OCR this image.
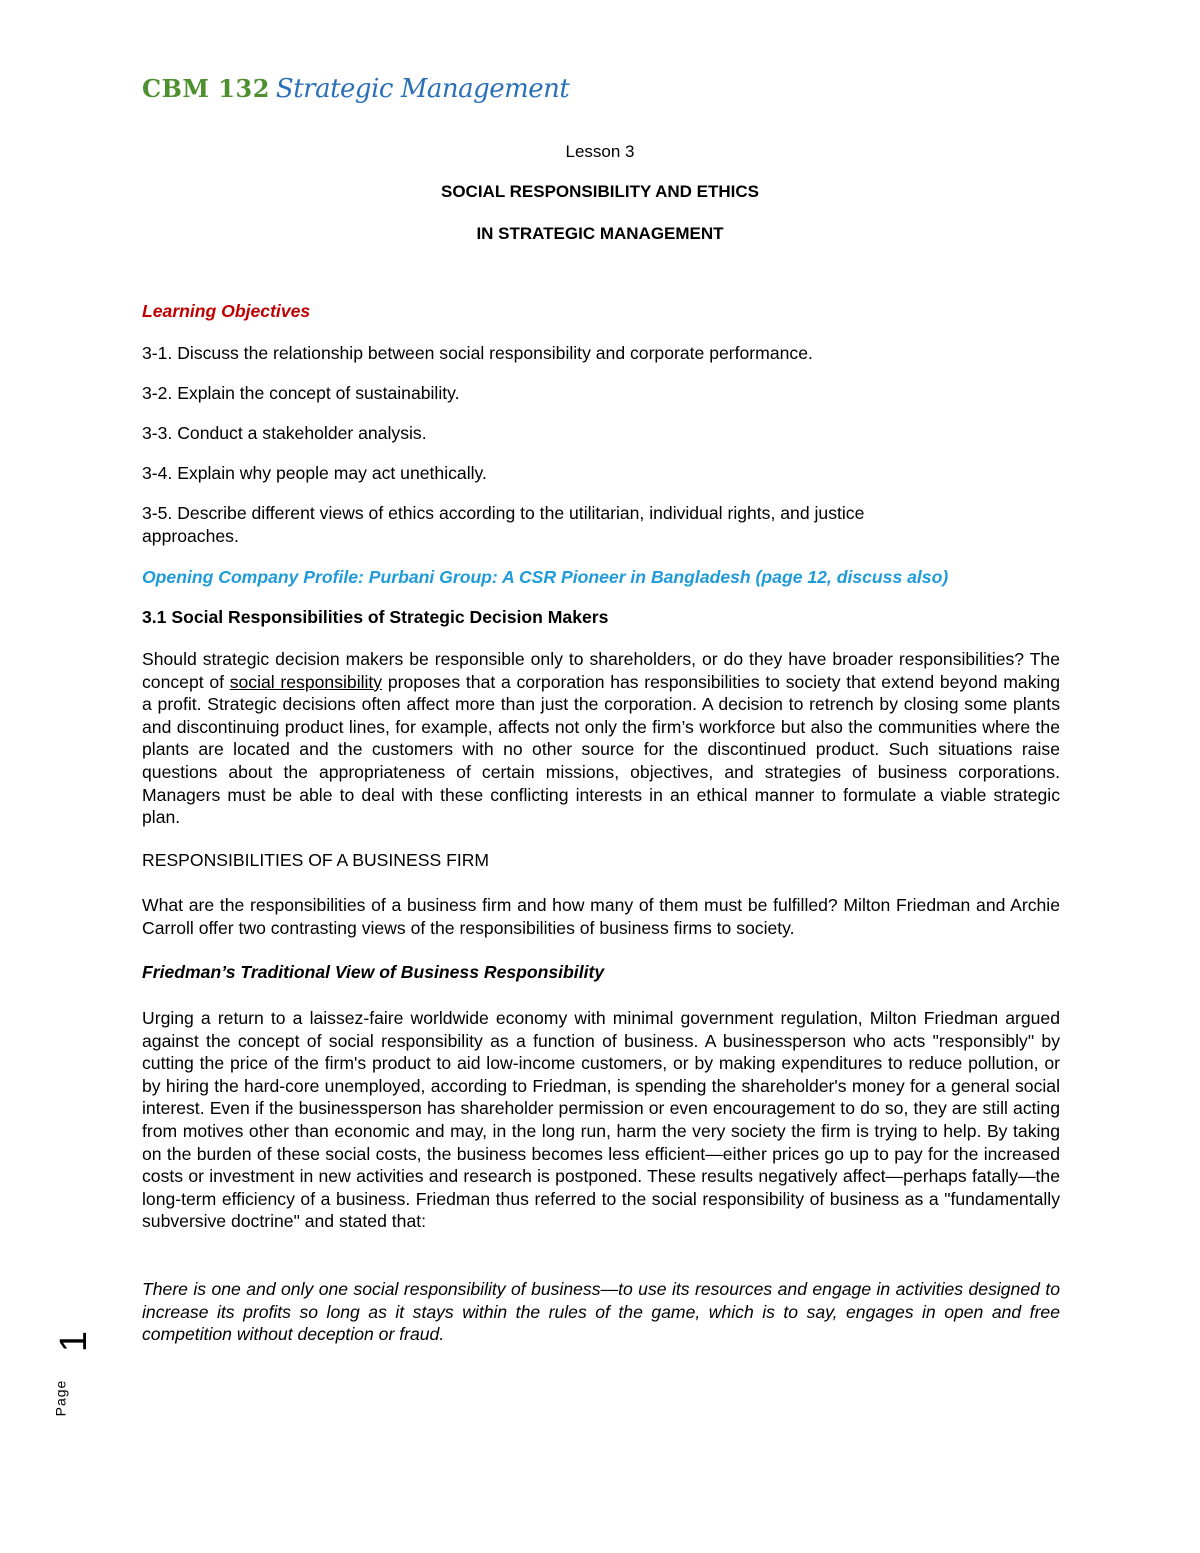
CBM 132 Strategic Management
Lesson 3
SOCIAL RESPONSIBILITY AND ETHICS
IN STRATEGIC MANAGEMENT
Learning Objectives
3-1. Discuss the relationship between social responsibility and corporate performance.
3-2. Explain the concept of sustainability.
3-3. Conduct a stakeholder analysis.
3-4. Explain why people may act unethically.
3-5. Describe different views of ethics according to the utilitarian, individual rights, and justice approaches.
Opening Company Profile: Purbani Group: A CSR Pioneer in Bangladesh (page 12, discuss also)
3.1 Social Responsibilities of Strategic Decision Makers
Should strategic decision makers be responsible only to shareholders, or do they have broader responsibilities? The concept of social responsibility proposes that a corporation has responsibilities to society that extend beyond making a profit. Strategic decisions often affect more than just the corporation. A decision to retrench by closing some plants and discontinuing product lines, for example, affects not only the firm’s workforce but also the communities where the plants are located and the customers with no other source for the discontinued product. Such situations raise questions about the appropriateness of certain missions, objectives, and strategies of business corporations. Managers must be able to deal with these conflicting interests in an ethical manner to formulate a viable strategic plan.
RESPONSIBILITIES OF A BUSINESS FIRM
What are the responsibilities of a business firm and how many of them must be fulfilled? Milton Friedman and Archie Carroll offer two contrasting views of the responsibilities of business firms to society.
Friedman’s Traditional View of Business Responsibility
Urging a return to a laissez-faire worldwide economy with minimal government regulation, Milton Friedman argued against the concept of social responsibility as a function of business. A businessperson who acts "responsibly" by cutting the price of the firm's product to aid low-income customers, or by making expenditures to reduce pollution, or by hiring the hard-core unemployed, according to Friedman, is spending the shareholder's money for a general social interest. Even if the businessperson has shareholder permission or even encouragement to do so, they are still acting from motives other than economic and may, in the long run, harm the very society the firm is trying to help. By taking on the burden of these social costs, the business becomes less efficient—either prices go up to pay for the increased costs or investment in new activities and research is postponed. These results negatively affect—perhaps fatally—the long-term efficiency of a business. Friedman thus referred to the social responsibility of business as a "fundamentally subversive doctrine" and stated that:
There is one and only one social responsibility of business—to use its resources and engage in activities designed to increase its profits so long as it stays within the rules of the game, which is to say, engages in open and free competition without deception or fraud.
Page
1
